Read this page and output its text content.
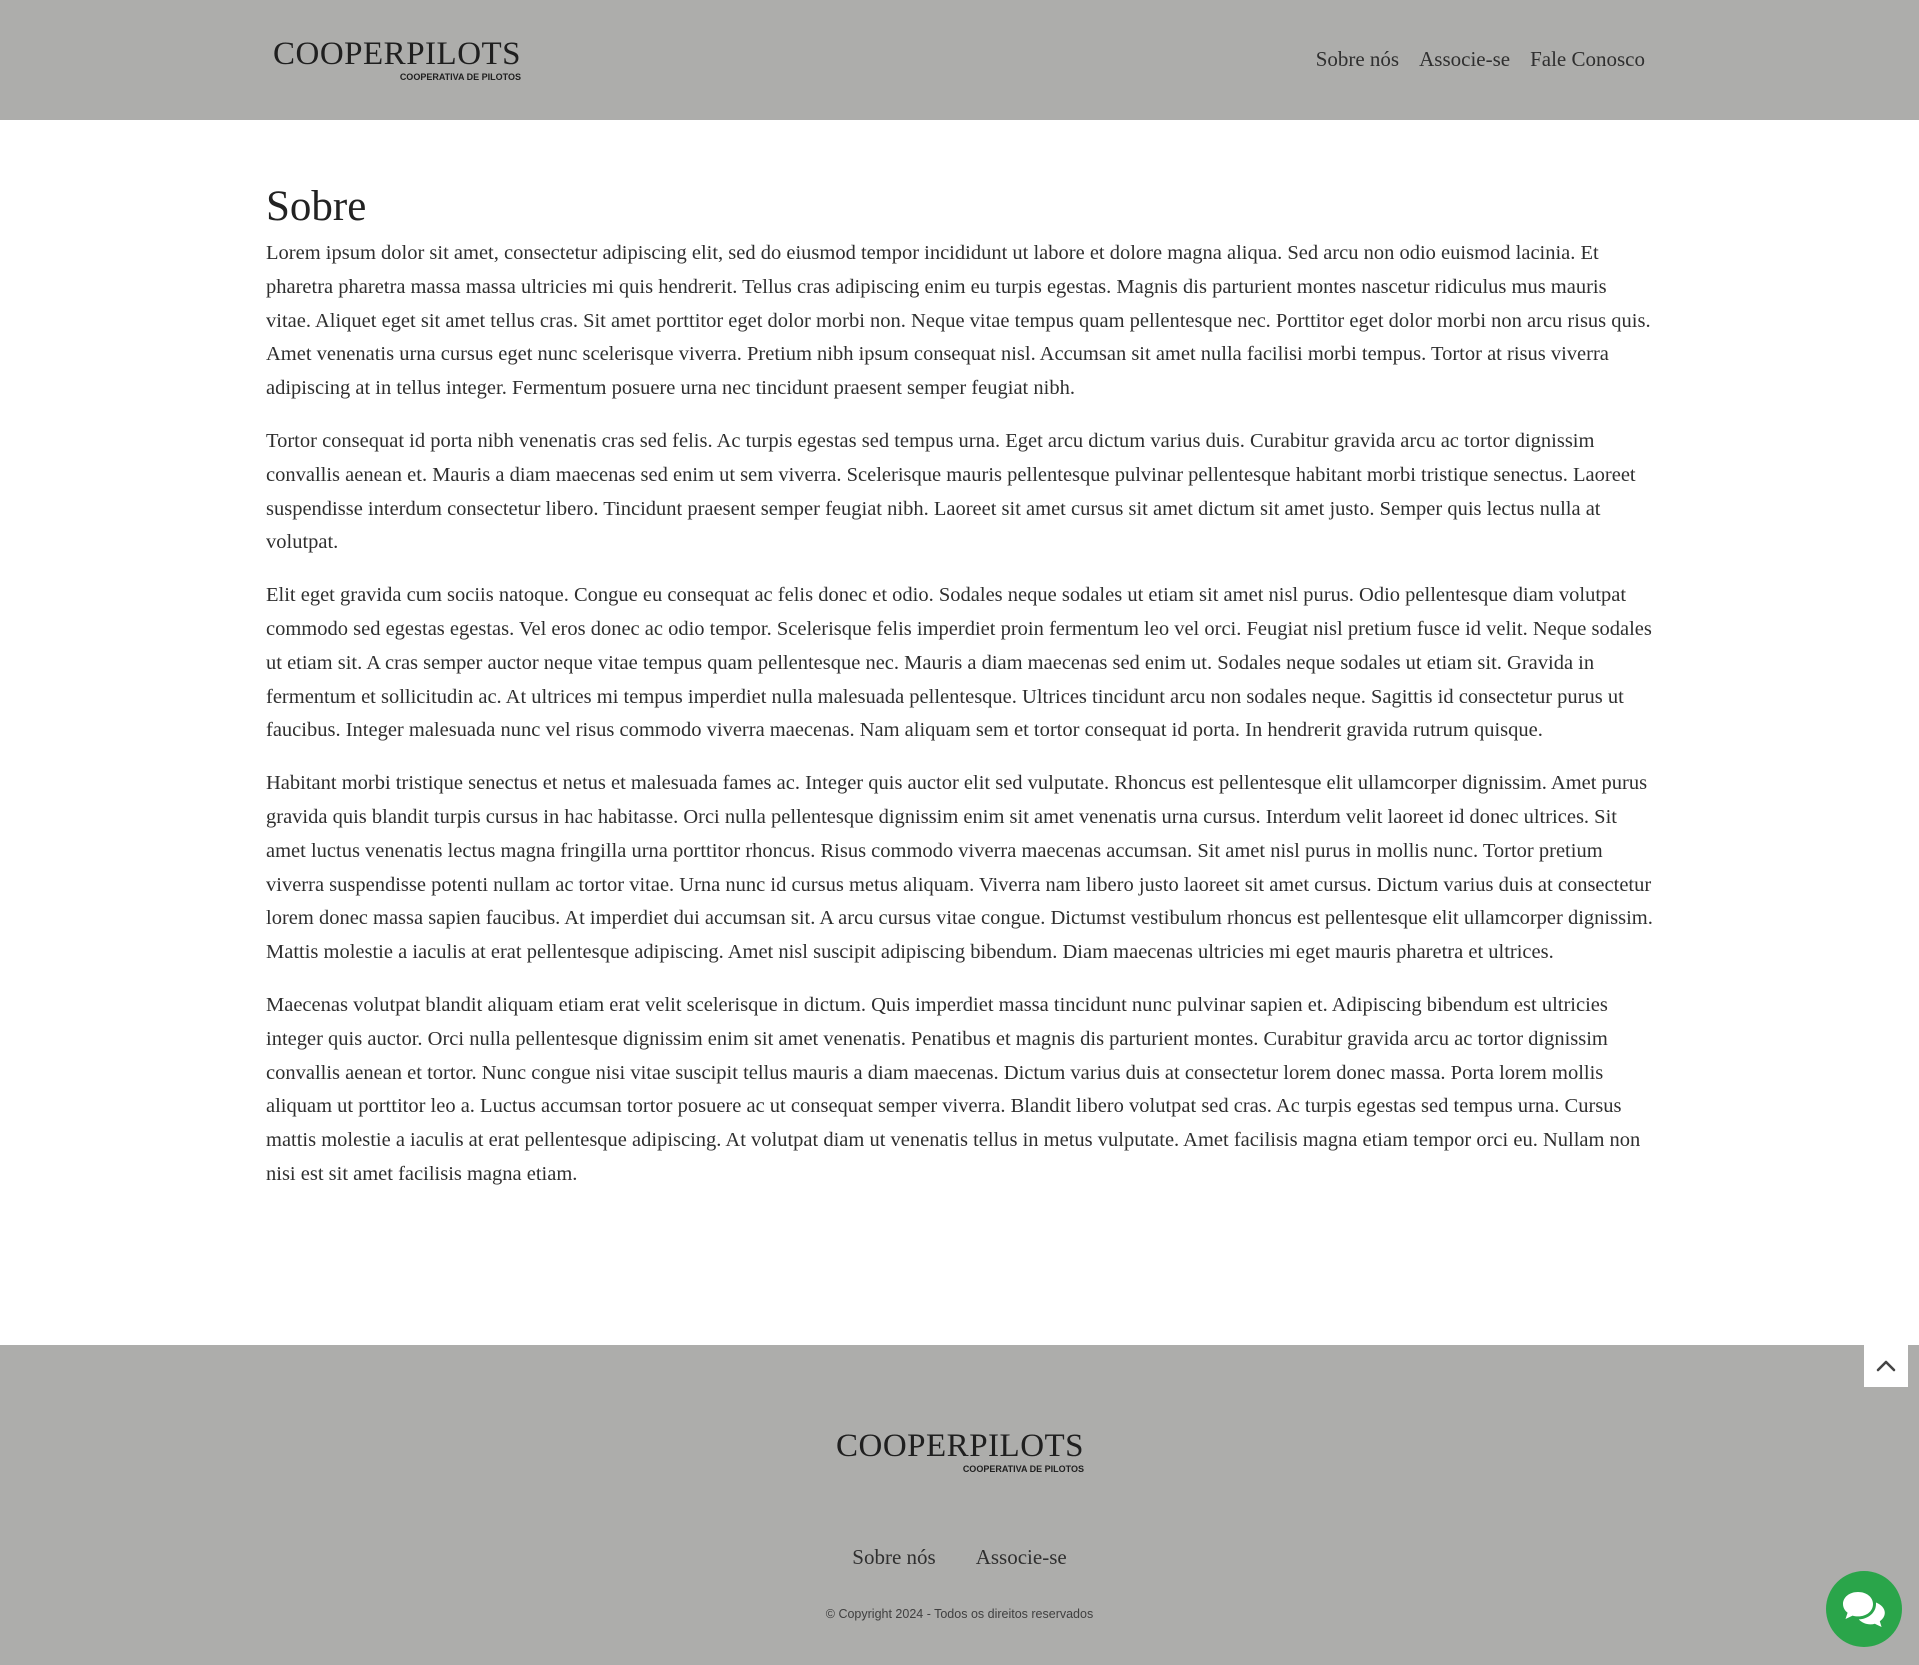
COOPERPILOTS
COOPERATIVA DE PILOTOS
Sobre nós Associe-se Fale Conosco
Sobre

Lorem ipsum dolor sit amet, consectetur adipiscing elit, sed do eiusmod tempor incididunt ut labore et dolore magna aliqua. Sed arcu non odio euismod lacinia. Et pharetra pharetra massa massa ultricies mi quis hendrerit. Tellus cras adipiscing enim eu turpis egestas. Magnis dis parturient montes nascetur ridiculus mus mauris vitae. Aliquet eget sit amet tellus cras. Sit amet porttitor eget dolor morbi non. Neque vitae tempus quam pellentesque nec. Porttitor eget dolor morbi non arcu risus quis. Amet venenatis urna cursus eget nunc scelerisque viverra. Pretium nibh ipsum consequat nisl. Accumsan sit amet nulla facilisi morbi tempus. Tortor at risus viverra adipiscing at in tellus integer. Fermentum posuere urna nec tincidunt praesent semper feugiat nibh.

Tortor consequat id porta nibh venenatis cras sed felis. Ac turpis egestas sed tempus urna. Eget arcu dictum varius duis. Curabitur gravida arcu ac tortor dignissim convallis aenean et. Mauris a diam maecenas sed enim ut sem viverra. Scelerisque mauris pellentesque pulvinar pellentesque habitant morbi tristique senectus. Laoreet suspendisse interdum consectetur libero. Tincidunt praesent semper feugiat nibh. Laoreet sit amet cursus sit amet dictum sit amet justo. Semper quis lectus nulla at volutpat.

Elit eget gravida cum sociis natoque. Congue eu consequat ac felis donec et odio. Sodales neque sodales ut etiam sit amet nisl purus. Odio pellentesque diam volutpat commodo sed egestas egestas. Vel eros donec ac odio tempor. Scelerisque felis imperdiet proin fermentum leo vel orci. Feugiat nisl pretium fusce id velit. Neque sodales ut etiam sit. A cras semper auctor neque vitae tempus quam pellentesque nec. Mauris a diam maecenas sed enim ut. Sodales neque sodales ut etiam sit. Gravida in fermentum et sollicitudin ac. At ultrices mi tempus imperdiet nulla malesuada pellentesque. Ultrices tincidunt arcu non sodales neque. Sagittis id consectetur purus ut faucibus. Integer malesuada nunc vel risus commodo viverra maecenas. Nam aliquam sem et tortor consequat id porta. In hendrerit gravida rutrum quisque.

Habitant morbi tristique senectus et netus et malesuada fames ac. Integer quis auctor elit sed vulputate. Rhoncus est pellentesque elit ullamcorper dignissim. Amet purus gravida quis blandit turpis cursus in hac habitasse. Orci nulla pellentesque dignissim enim sit amet venenatis urna cursus. Interdum velit laoreet id donec ultrices. Sit amet luctus venenatis lectus magna fringilla urna porttitor rhoncus. Risus commodo viverra maecenas accumsan. Sit amet nisl purus in mollis nunc. Tortor pretium viverra suspendisse potenti nullam ac tortor vitae. Urna nunc id cursus metus aliquam. Viverra nam libero justo laoreet sit amet cursus. Dictum varius duis at consectetur lorem donec massa sapien faucibus. At imperdiet dui accumsan sit. A arcu cursus vitae congue. Dictumst vestibulum rhoncus est pellentesque elit ullamcorper dignissim. Mattis molestie a iaculis at erat pellentesque adipiscing. Amet nisl suscipit adipiscing bibendum. Diam maecenas ultricies mi eget mauris pharetra et ultrices.

Maecenas volutpat blandit aliquam etiam erat velit scelerisque in dictum. Quis imperdiet massa tincidunt nunc pulvinar sapien et. Adipiscing bibendum est ultricies integer quis auctor. Orci nulla pellentesque dignissim enim sit amet venenatis. Penatibus et magnis dis parturient montes. Curabitur gravida arcu ac tortor dignissim convallis aenean et tortor. Nunc congue nisi vitae suscipit tellus mauris a diam maecenas. Dictum varius duis at consectetur lorem donec massa. Porta lorem mollis aliquam ut porttitor leo a. Luctus accumsan tortor posuere ac ut consequat semper viverra. Blandit libero volutpat sed cras. Ac turpis egestas sed tempus urna. Cursus mattis molestie a iaculis at erat pellentesque adipiscing. At volutpat diam ut venenatis tellus in metus vulputate. Amet facilisis magna etiam tempor orci eu. Nullam non nisi est sit amet facilisis magna etiam.

COOPERPILOTS
COOPERATIVA DE PILOTOS
Sobre nós Associe-se
© Copyright 2024 - Todos os direitos reservados
